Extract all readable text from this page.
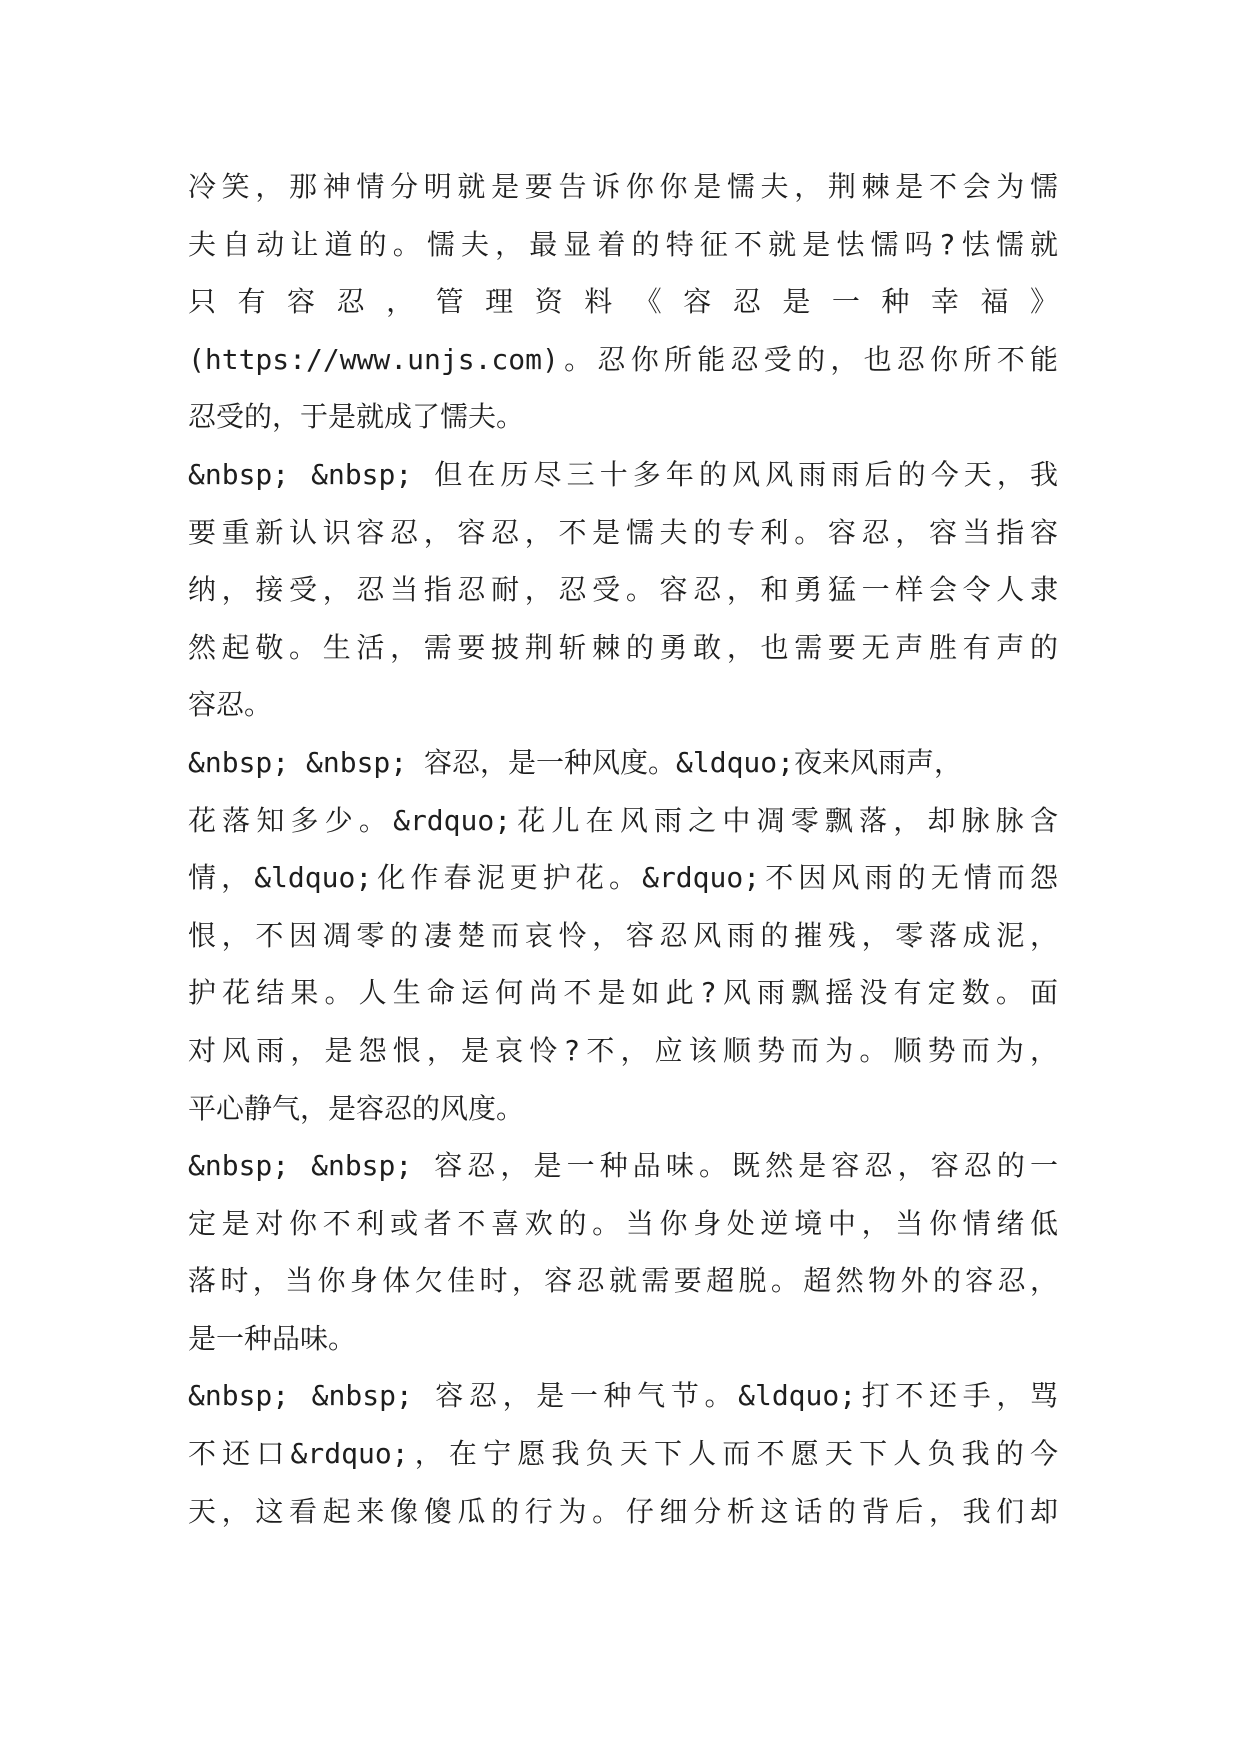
冷笑，那神情分明就是要告诉你你是懦夫，荆棘是不会为懦
夫自动让道的。懦夫，最显着的特征不就是怯懦吗?怯懦就
只 有 容 忍 ， 管 理 资 料 《 容 忍 是 一 种 幸 福 》
(https://www.unjs.com)。忍你所能忍受的，也忍你所不能
忍受的，于是就成了懦夫。
&nbsp; &nbsp; 但在历尽三十多年的风风雨雨后的今天，我
要重新认识容忍，容忍，不是懦夫的专利。容忍，容当指容
纳，接受，忍当指忍耐，忍受。容忍，和勇猛一样会令人隶
然起敬。生活，需要披荆斩棘的勇敢，也需要无声胜有声的
容忍。
&nbsp; &nbsp; 容忍，是一种风度。&ldquo;夜来风雨声，
花落知多少。&rdquo;花儿在风雨之中凋零飘落，却脉脉含
情，&ldquo;化作春泥更护花。&rdquo;不因风雨的无情而怨
恨，不因凋零的凄楚而哀怜，容忍风雨的摧残，零落成泥，
护花结果。人生命运何尚不是如此?风雨飘摇没有定数。面
对风雨，是怨恨，是哀怜?不，应该顺势而为。顺势而为，
平心静气，是容忍的风度。
&nbsp; &nbsp; 容忍，是一种品味。既然是容忍，容忍的一
定是对你不利或者不喜欢的。当你身处逆境中，当你情绪低
落时，当你身体欠佳时，容忍就需要超脱。超然物外的容忍，
是一种品味。
&nbsp; &nbsp; 容忍，是一种气节。&ldquo;打不还手，骂
不还口&rdquo;，在宁愿我负天下人而不愿天下人负我的今
天，这看起来像傻瓜的行为。仔细分析这话的背后，我们却
